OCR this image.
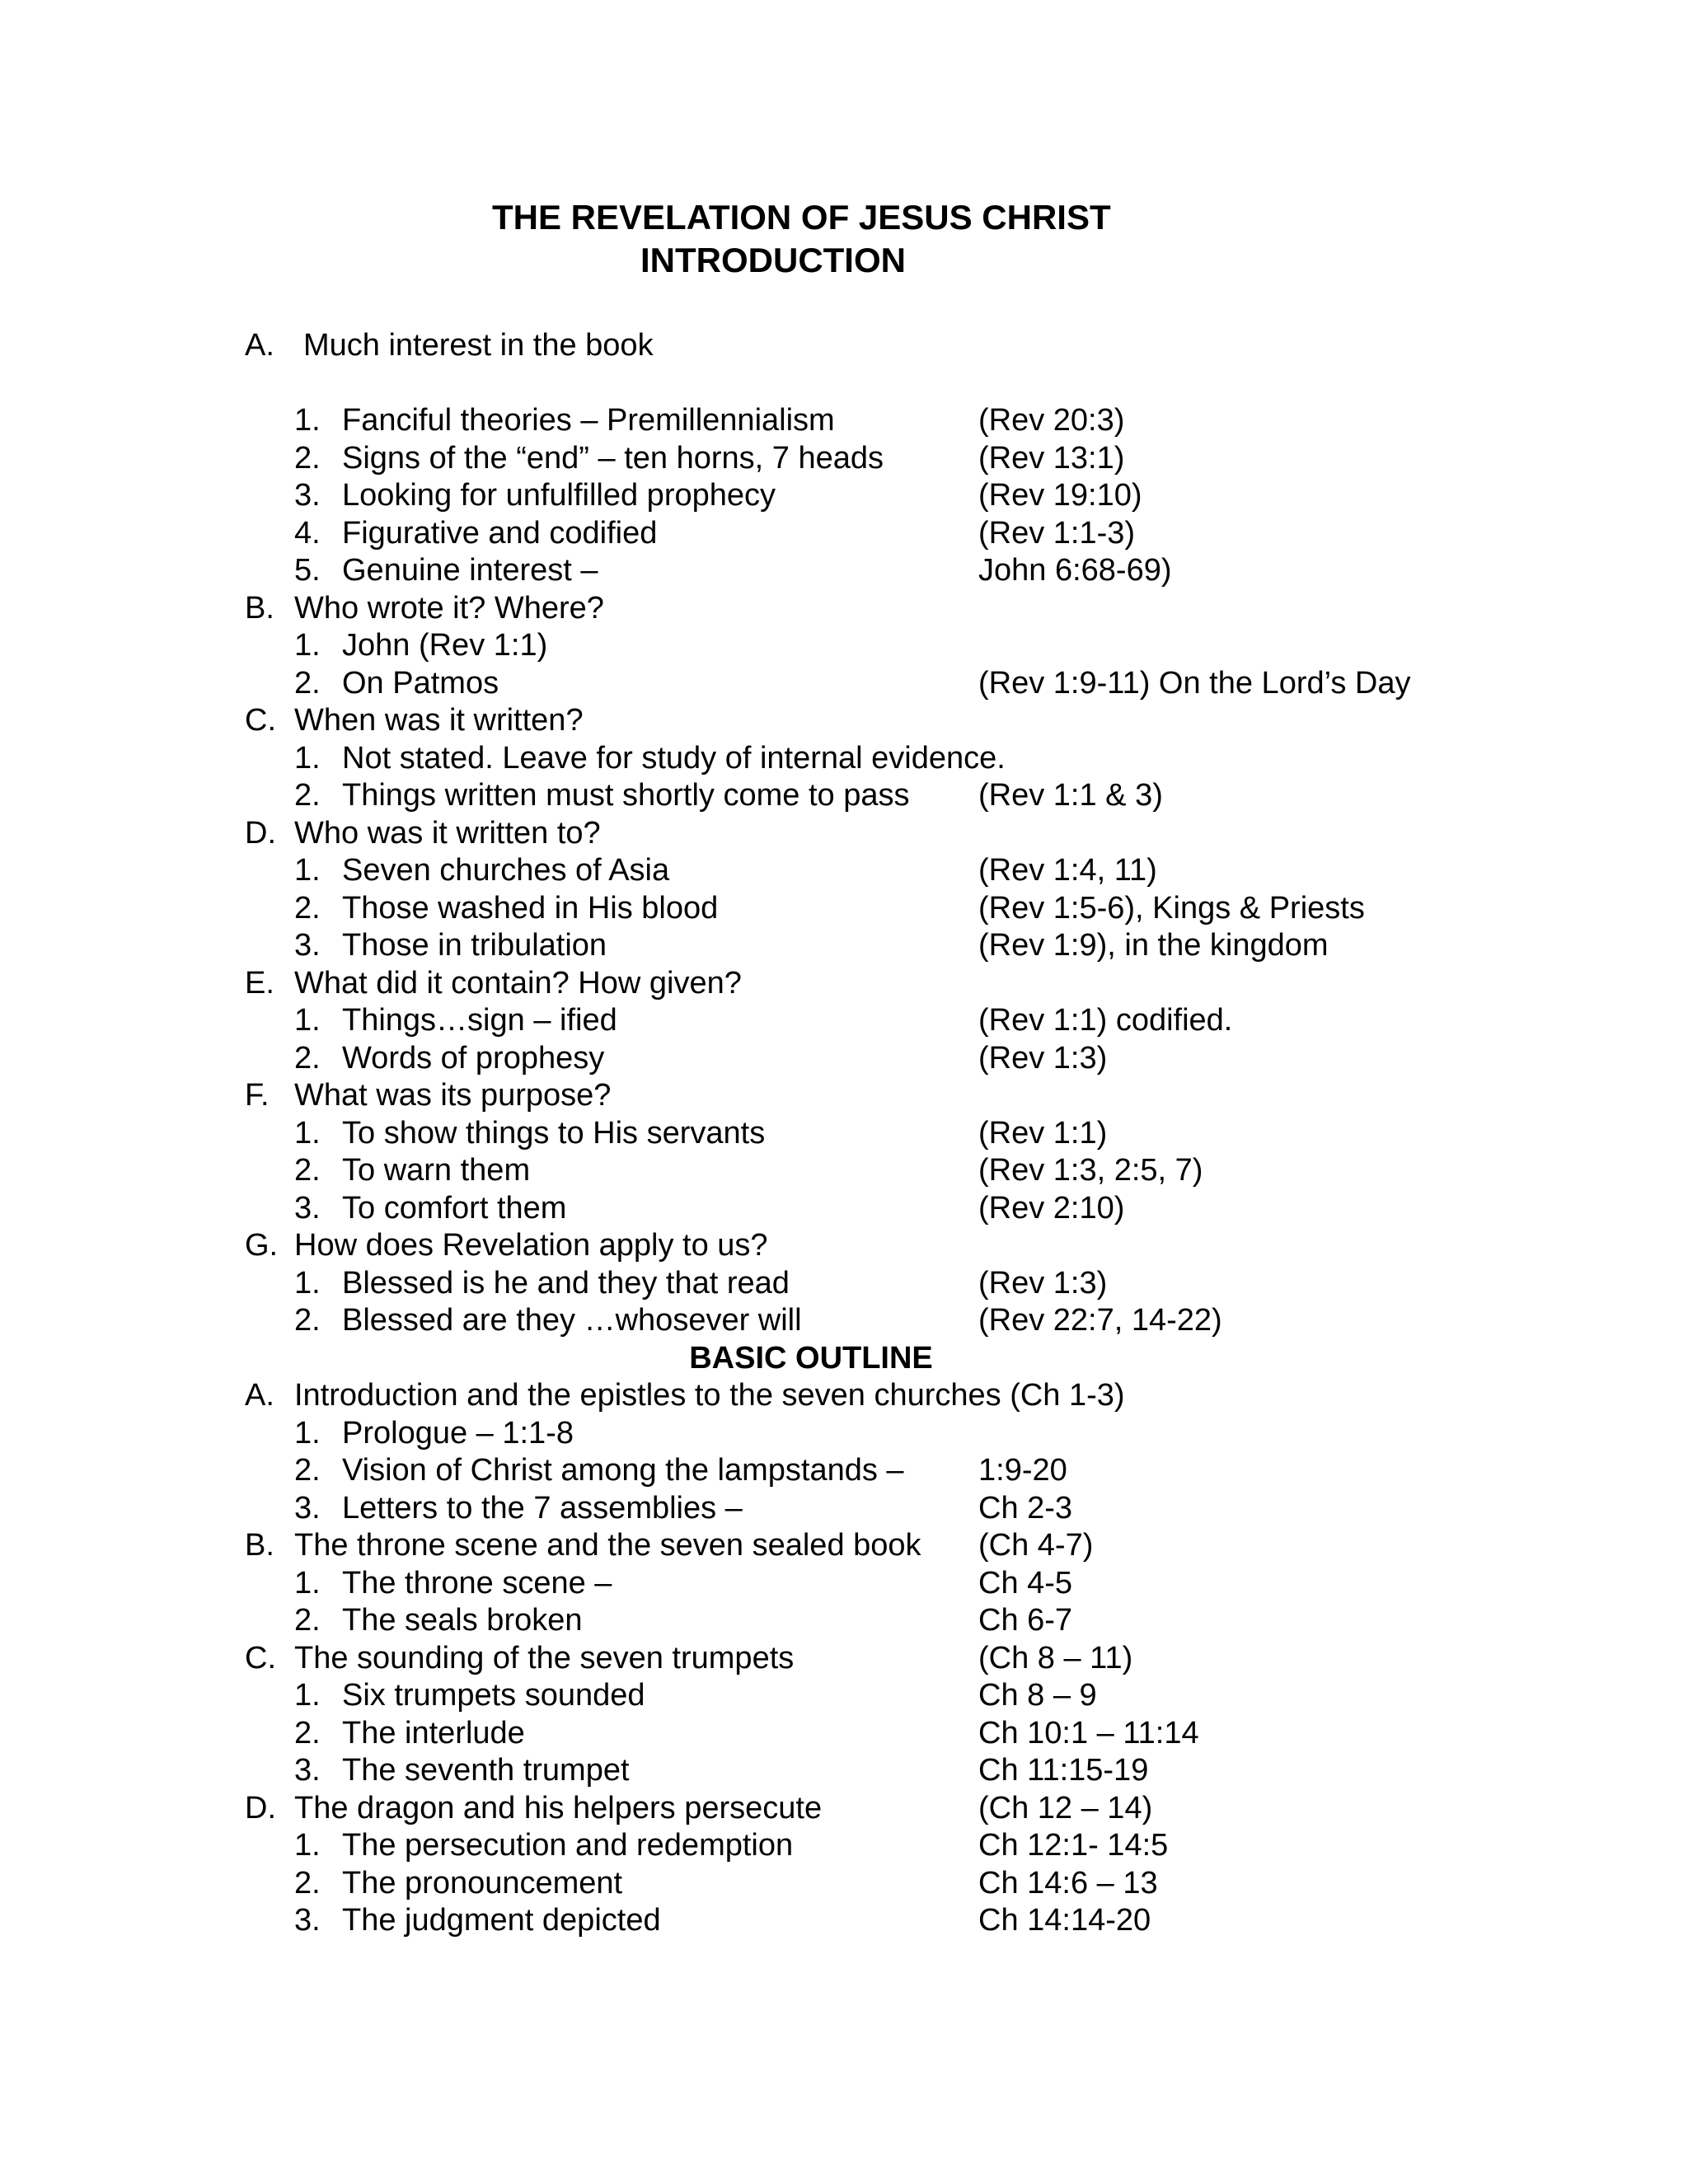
THE REVELATION OF JESUS CHRIST
INTRODUCTION
A. Much interest in the book
1. Fanciful theories – Premillennialism	(Rev 20:3)
2. Signs of the “end” – ten horns, 7 heads	(Rev 13:1)
3. Looking for unfulfilled prophecy	(Rev 19:10)
4. Figurative and codified	(Rev 1:1-3)
5. Genuine interest –	John 6:68-69)
B. Who wrote it? Where?
1. John (Rev 1:1)
2. On Patmos	(Rev 1:9-11) On the Lord’s Day
C. When was it written?
1. Not stated. Leave for study of internal evidence.
2. Things written must shortly come to pass (Rev 1:1 & 3)
D. Who was it written to?
1. Seven churches of Asia	(Rev 1:4, 11)
2. Those washed in His blood	(Rev 1:5-6), Kings & Priests
3. Those in tribulation	(Rev 1:9), in the kingdom
E. What did it contain? How given?
1. Things…sign – ified	(Rev 1:1) codified.
2. Words of prophesy	(Rev 1:3)
F. What was its purpose?
1. To show things to His servants	(Rev 1:1)
2. To warn them	(Rev 1:3, 2:5, 7)
3. To comfort them	(Rev 2:10)
G. How does Revelation apply to us?
1. Blessed is he and they that read	(Rev 1:3)
2. Blessed are they …whosever will	(Rev 22:7, 14-22)
BASIC OUTLINE
A. Introduction and the epistles to the seven churches (Ch 1-3)
1. Prologue – 1:1-8
2. Vision of Christ among the lampstands – 1:9-20
3. Letters to the 7 assemblies –	Ch 2-3
B. The throne scene and the seven sealed book (Ch 4-7)
1. The throne scene –	Ch 4-5
2. The seals broken	Ch 6-7
C. The sounding of the seven trumpets	(Ch 8 – 11)
1. Six trumpets sounded	Ch 8 – 9
2. The interlude	Ch 10:1 – 11:14
3. The seventh trumpet	Ch 11:15-19
D. The dragon and his helpers persecute	(Ch 12 – 14)
1. The persecution and redemption	Ch 12:1- 14:5
2. The pronouncement	Ch 14:6 – 13
3. The judgment depicted	Ch 14:14-20
